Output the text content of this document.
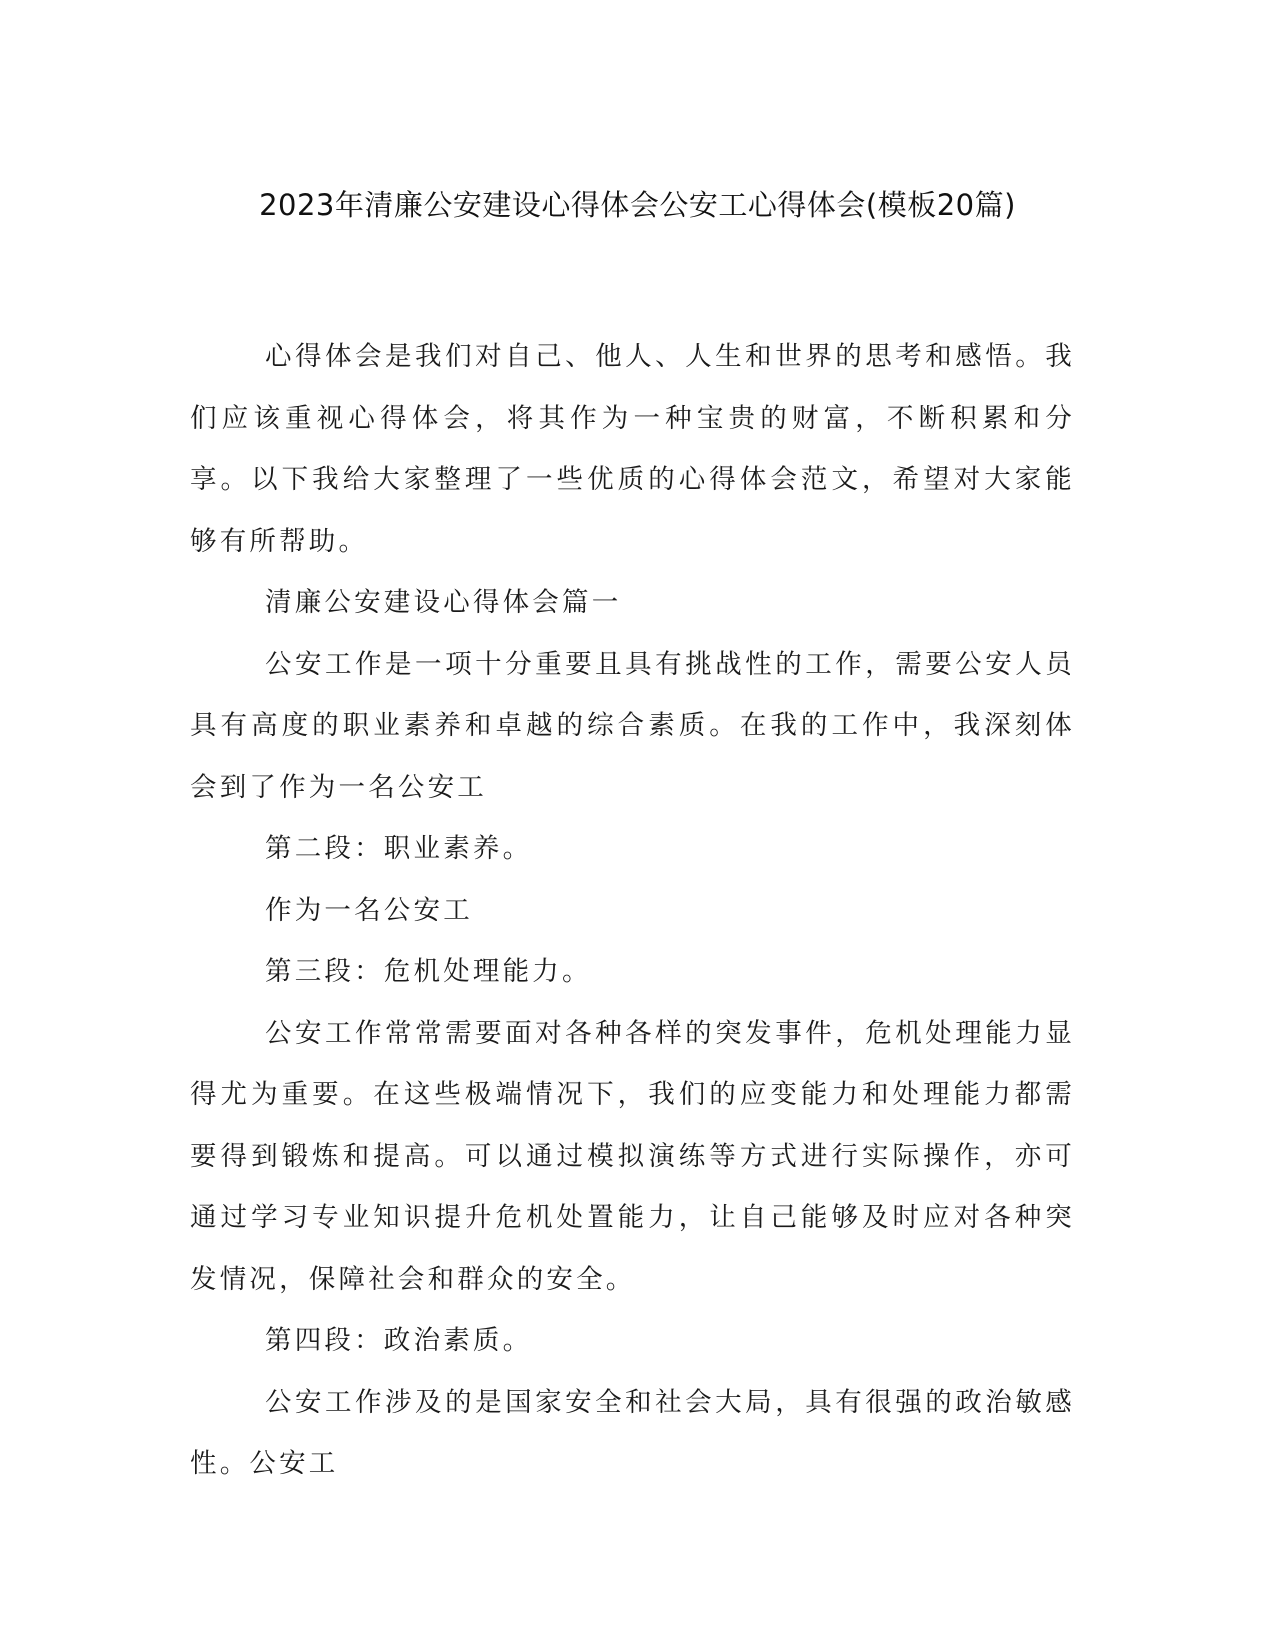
2023年清廉公安建设心得体会公安工心得体会(模板20篇)

心得体会是我们对自己、他人、人生和世界的思考和感悟。我们应该重视心得体会，将其作为一种宝贵的财富，不断积累和分享。以下我给大家整理了一些优质的心得体会范文，希望对大家能够有所帮助。

清廉公安建设心得体会篇一

公安工作是一项十分重要且具有挑战性的工作，需要公安人员具有高度的职业素养和卓越的综合素质。在我的工作中，我深刻体会到了作为一名公安工

第二段：职业素养。

作为一名公安工

第三段：危机处理能力。

公安工作常常需要面对各种各样的突发事件，危机处理能力显得尤为重要。在这些极端情况下，我们的应变能力和处理能力都需要得到锻炼和提高。可以通过模拟演练等方式进行实际操作，亦可通过学习专业知识提升危机处置能力，让自己能够及时应对各种突发情况，保障社会和群众的安全。

第四段：政治素质。

公安工作涉及的是国家安全和社会大局，具有很强的政治敏感性。公安工
